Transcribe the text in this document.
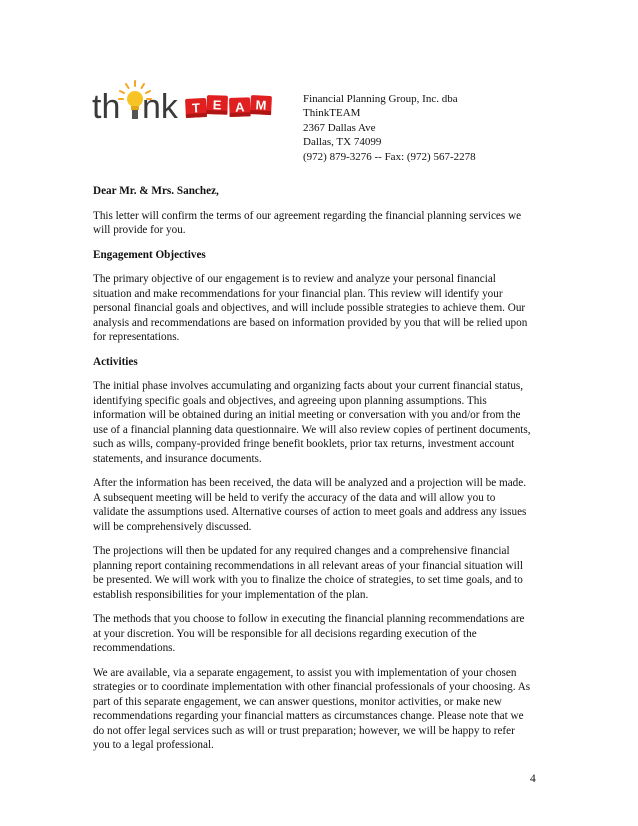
th nk T E A M	Financial Planning Group, Inc. dba
ThinkTEAM
2367 Dallas Ave
Dallas, TX 74099
(972) 879-3276 -- Fax: (972) 567-2278
Dear Mr. & Mrs. Sanchez,
This letter will confirm the terms of our agreement regarding the financial planning services we
will provide for you.
Engagement Objectives
The primary objective of our engagement is to review and analyze your personal financial
situation and make recommendations for your financial plan. This review will identify your
personal financial goals and objectives, and will include possible strategies to achieve them. Our
analysis and recommendations are based on information provided by you that will be relied upon
for representations.
Activities
The initial phase involves accumulating and organizing facts about your current financial status,
identifying specific goals and objectives, and agreeing upon planning assumptions. This
information will be obtained during an initial meeting or conversation with you and/or from the
use of a financial planning data questionnaire. We will also review copies of pertinent documents,
such as wills, company-provided fringe benefit booklets, prior tax returns, investment account
statements, and insurance documents.
After the information has been received, the data will be analyzed and a projection will be made.
A subsequent meeting will be held to verify the accuracy of the data and will allow you to
validate the assumptions used. Alternative courses of action to meet goals and address any issues
will be comprehensively discussed.
The projections will then be updated for any required changes and a comprehensive financial
planning report containing recommendations in all relevant areas of your financial situation will
be presented. We will work with you to finalize the choice of strategies, to set time goals, and to
establish responsibilities for your implementation of the plan.
The methods that you choose to follow in executing the financial planning recommendations are
at your discretion. You will be responsible for all decisions regarding execution of the
recommendations.
We are available, via a separate engagement, to assist you with implementation of your chosen
strategies or to coordinate implementation with other financial professionals of your choosing. As
part of this separate engagement, we can answer questions, monitor activities, or make new
recommendations regarding your financial matters as circumstances change. Please note that we
do not offer legal services such as will or trust preparation; however, we will be happy to refer
you to a legal professional.
4
